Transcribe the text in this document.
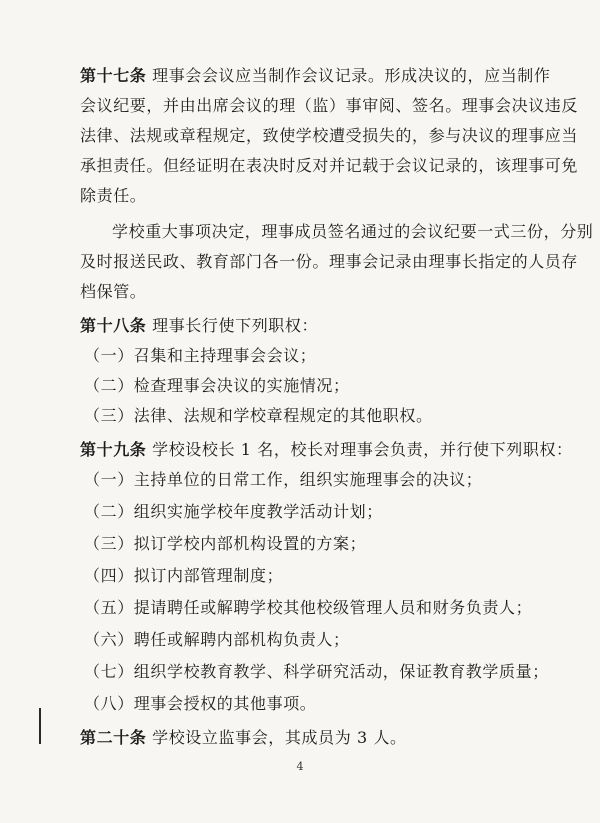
第十七条 理事会会议应当制作会议记录。形成决议的，应当制作
会议纪要，并由出席会议的理（监）事审阅、签名。理事会决议违反
法律、法规或章程规定，致使学校遭受损失的，参与决议的理事应当
承担责任。但经证明在表决时反对并记载于会议记录的，该理事可免
除责任。
学校重大事项决定，理事成员签名通过的会议纪要一式三份，分别
及时报送民政、教育部门各一份。理事会记录由理事长指定的人员存
档保管。
第十八条 理事长行使下列职权：
（一）召集和主持理事会会议；
（二）检查理事会决议的实施情况；
（三）法律、法规和学校章程规定的其他职权。
第十九条 学校设校长 1 名，校长对理事会负责，并行使下列职权：
（一）主持单位的日常工作，组织实施理事会的决议；
（二）组织实施学校年度教学活动计划；
（三）拟订学校内部机构设置的方案；
（四）拟订内部管理制度；
（五）提请聘任或解聘学校其他校级管理人员和财务负责人；
（六）聘任或解聘内部机构负责人；
（七）组织学校教育教学、科学研究活动，保证教育教学质量；
（八）理事会授权的其他事项。
第二十条 学校设立监事会，其成员为 3 人。
4
